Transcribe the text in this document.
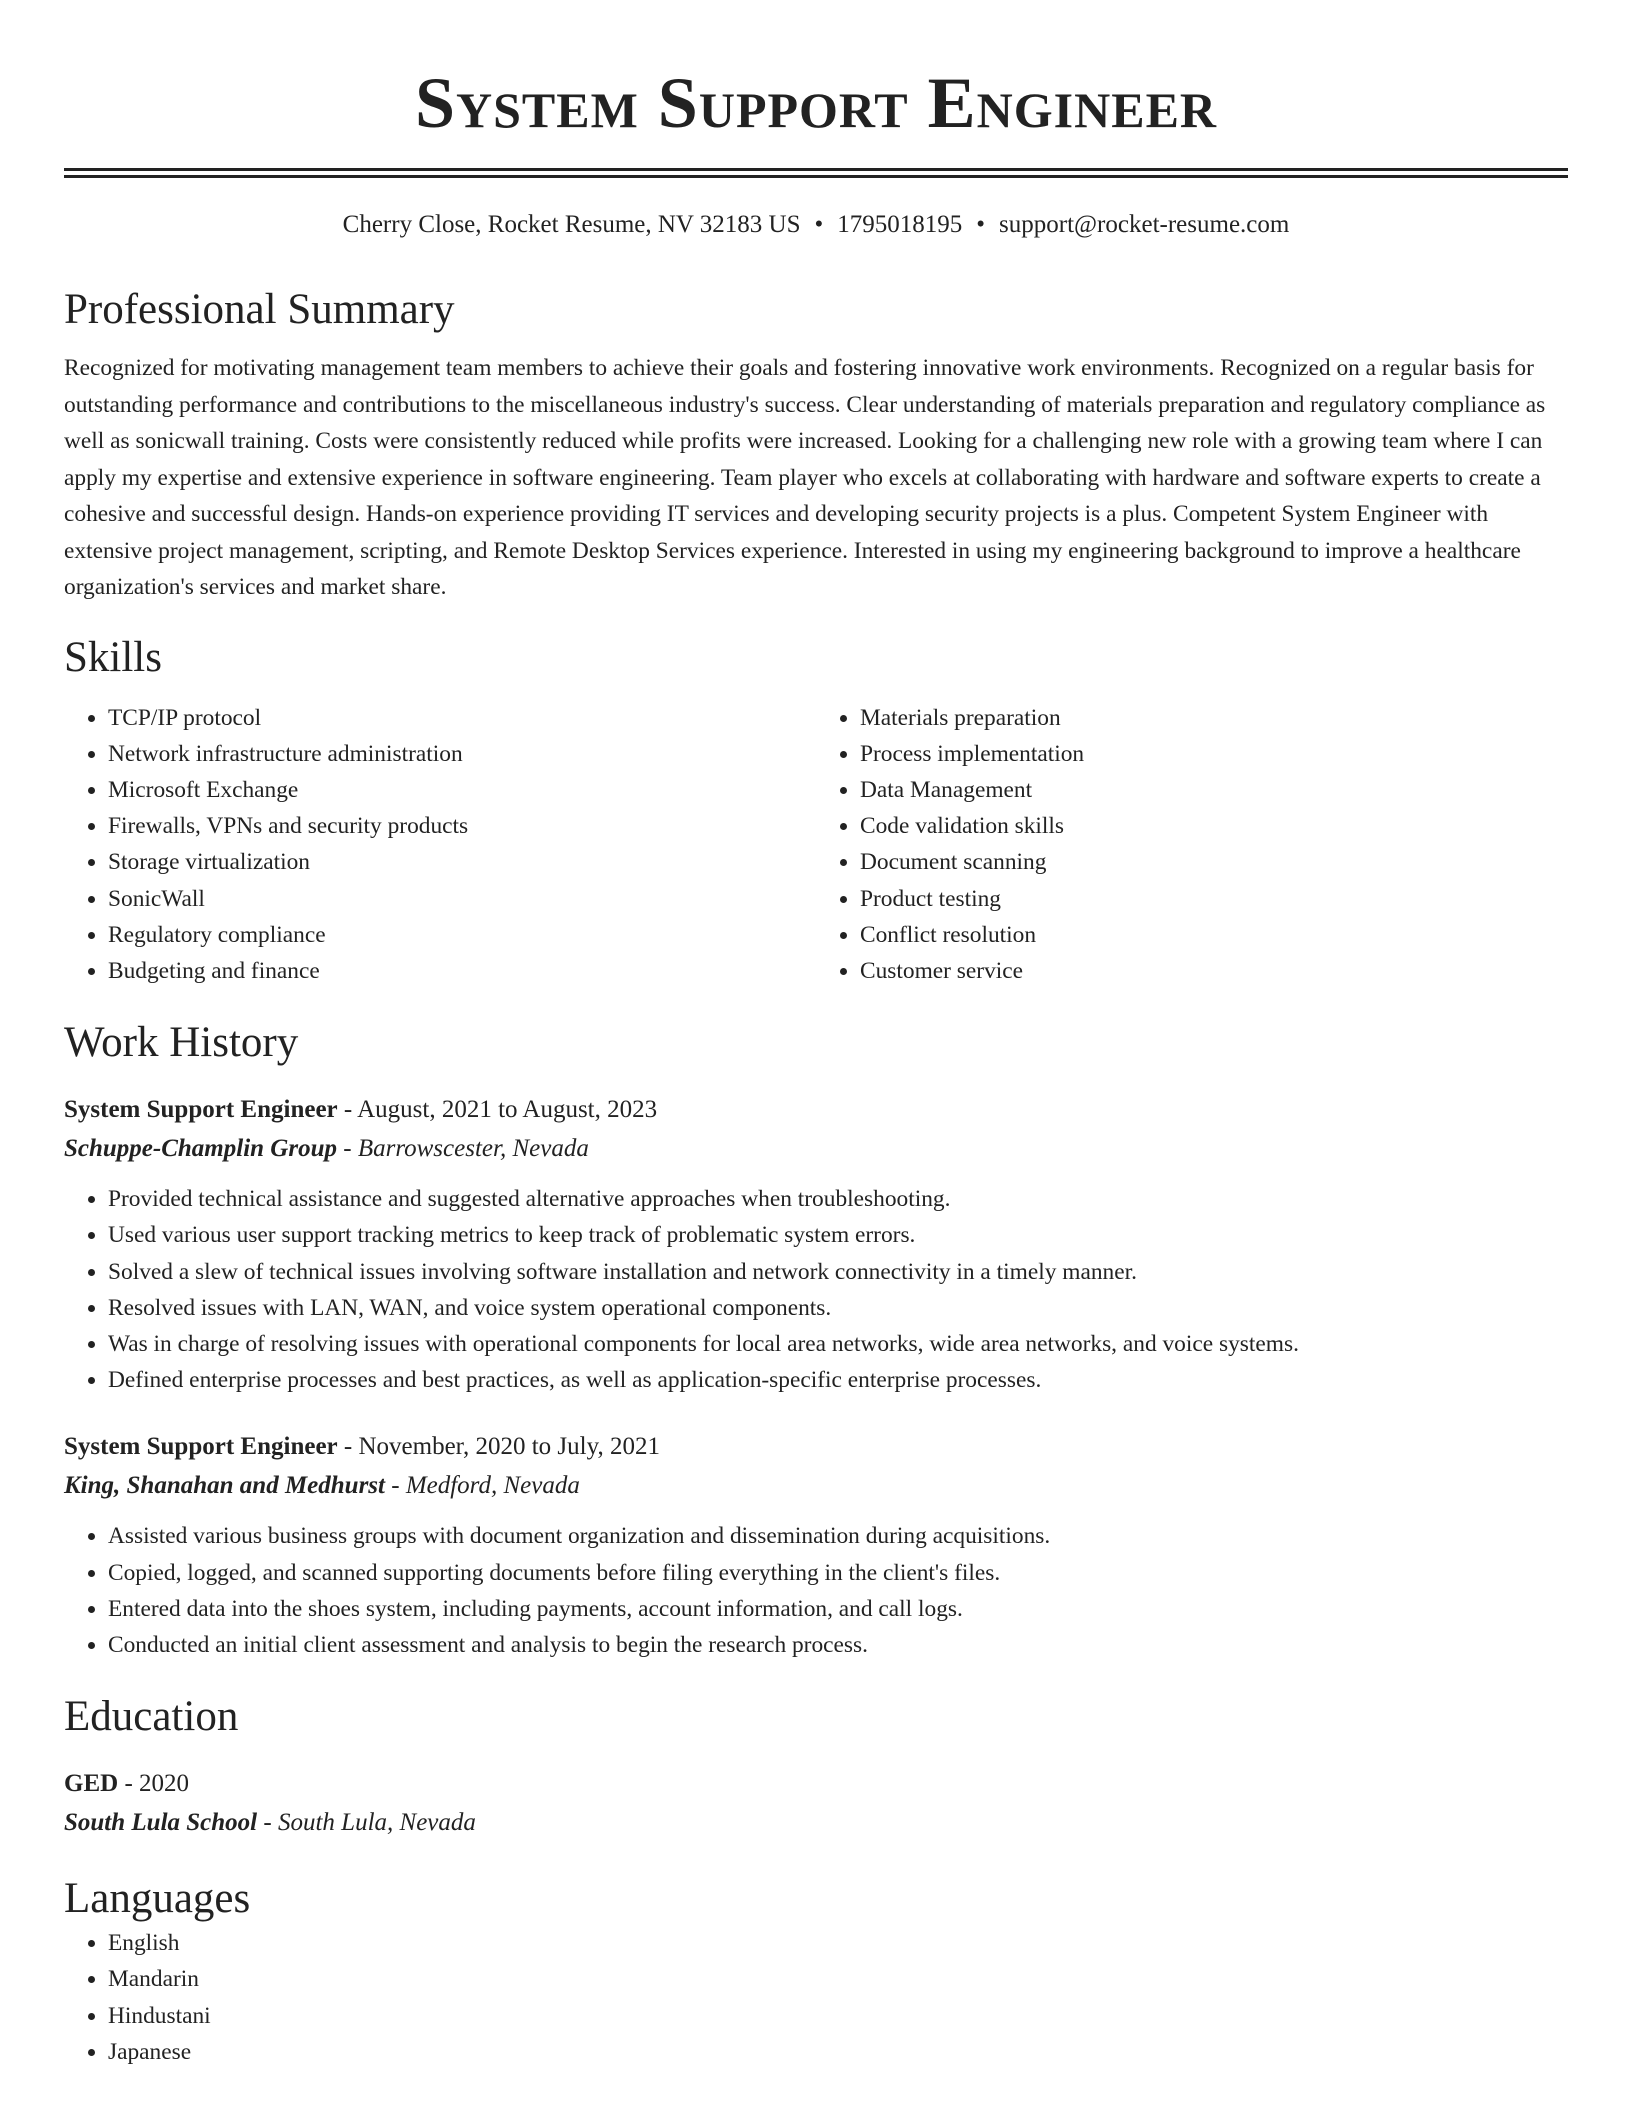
System Support Engineer
Cherry Close, Rocket Resume, NV 32183 US • 1795018195 • support@rocket-resume.com
Professional Summary

Recognized for motivating management team members to achieve their goals and fostering innovative work environments. Recognized on a regular basis for outstanding performance and contributions to the miscellaneous industry's success. Clear understanding of materials preparation and regulatory compliance as well as sonicwall training. Costs were consistently reduced while profits were increased. Looking for a challenging new role with a growing team where I can apply my expertise and extensive experience in software engineering. Team player who excels at collaborating with hardware and software experts to create a cohesive and successful design. Hands-on experience providing IT services and developing security projects is a plus. Competent System Engineer with extensive project management, scripting, and Remote Desktop Services experience. Interested in using my engineering background to improve a healthcare organization's services and market share.

Skills
• TCP/IP protocol
• Network infrastructure administration
• Microsoft Exchange
• Firewalls, VPNs and security products
• Storage virtualization
• SonicWall
• Regulatory compliance
• Budgeting and finance
• Materials preparation
• Process implementation
• Data Management
• Code validation skills
• Document scanning
• Product testing
• Conflict resolution
• Customer service
Work History
System Support Engineer - August, 2021 to August, 2023
Schuppe-Champlin Group - Barrowscester, Nevada
• Provided technical assistance and suggested alternative approaches when troubleshooting.
• Used various user support tracking metrics to keep track of problematic system errors.
• Solved a slew of technical issues involving software installation and network connectivity in a timely manner.
• Resolved issues with LAN, WAN, and voice system operational components.
• Was in charge of resolving issues with operational components for local area networks, wide area networks, and voice systems.
• Defined enterprise processes and best practices, as well as application-specific enterprise processes.
System Support Engineer - November, 2020 to July, 2021
King, Shanahan and Medhurst - Medford, Nevada
• Assisted various business groups with document organization and dissemination during acquisitions.
• Copied, logged, and scanned supporting documents before filing everything in the client's files.
• Entered data into the shoes system, including payments, account information, and call logs.
• Conducted an initial client assessment and analysis to begin the research process.
Education
GED - 2020
South Lula School - South Lula, Nevada
Languages
• English
• Mandarin
• Hindustani
• Japanese
